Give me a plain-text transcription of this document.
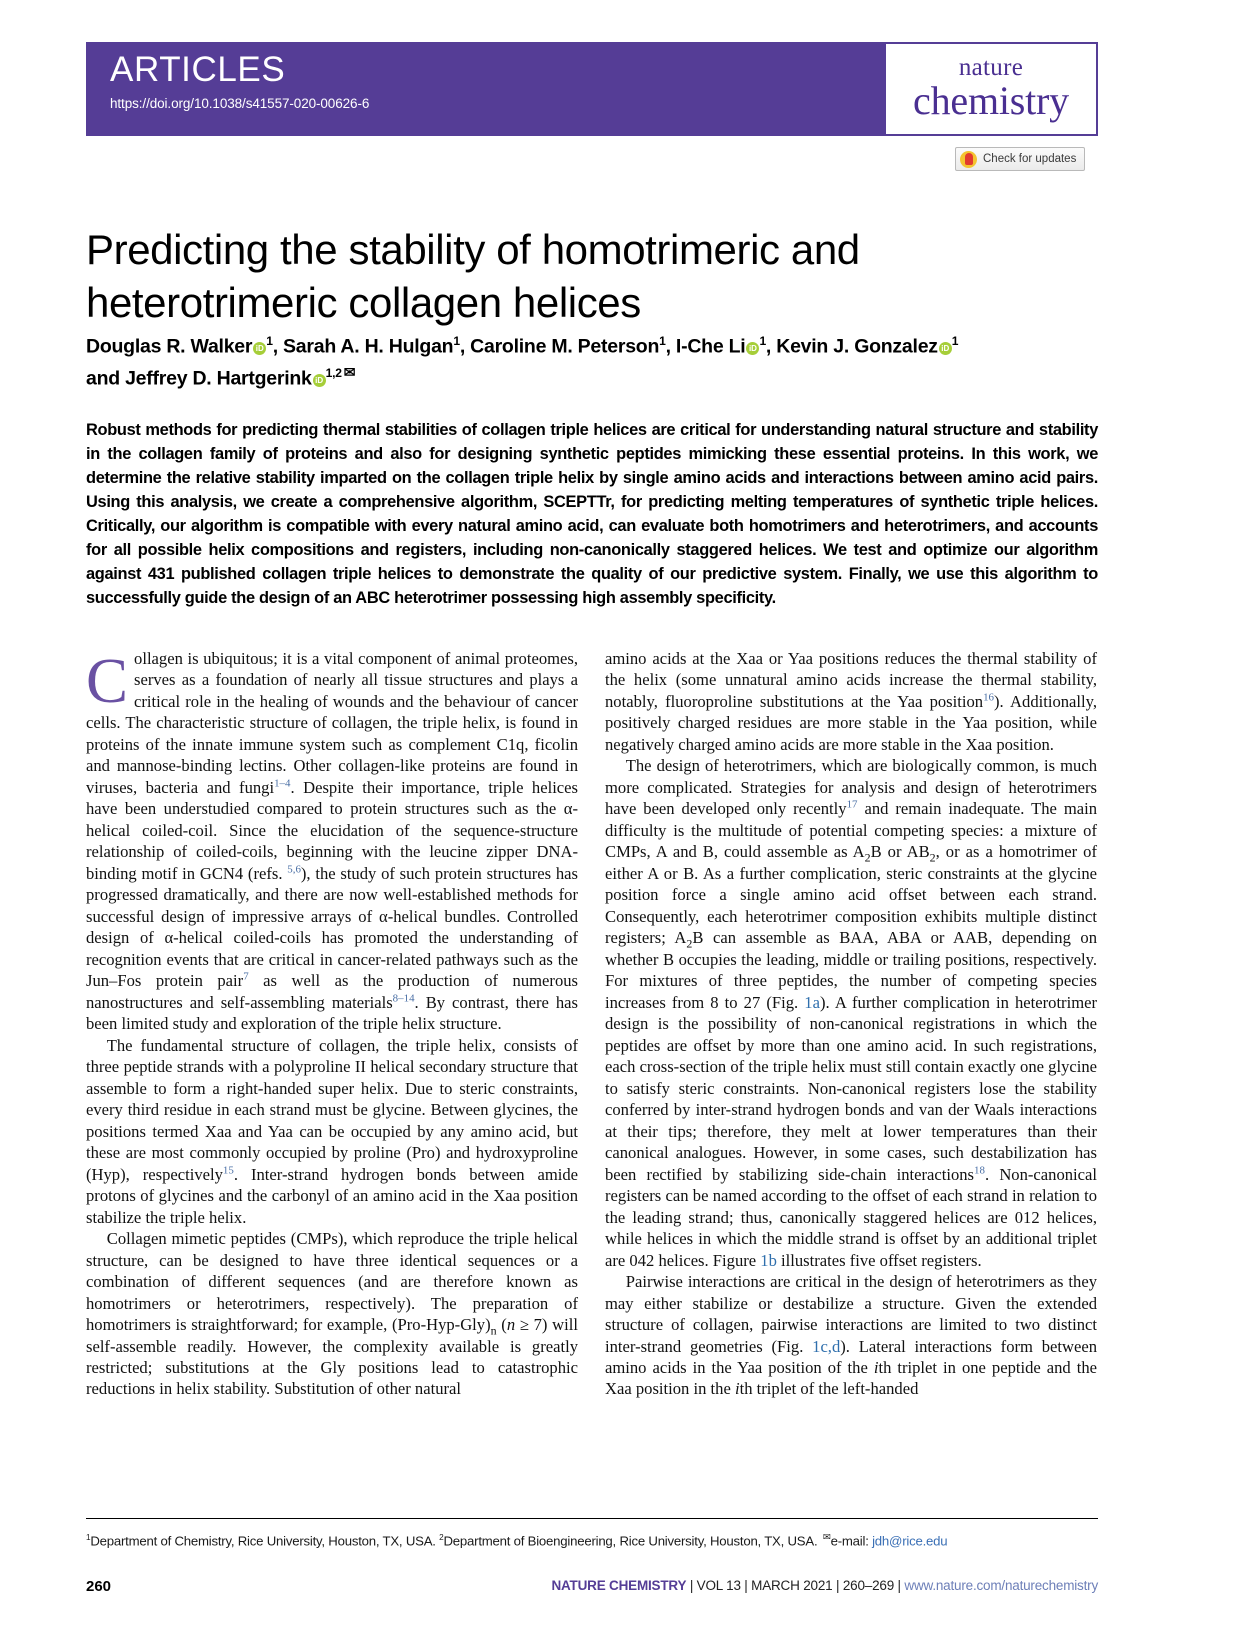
ARTICLES
https://doi.org/10.1038/s41557-020-00626-6
nature
chemistry
Check for updates
Predicting the stability of homotrimeric and heterotrimeric collagen helices
Douglas R. Walker iD $^1$, Sarah A. H. Hulgan$^1$, Caroline M. Peterson$^1$, I-Che Li iD $^1$, Kevin J. Gonzalez iD $^1$
and Jeffrey D. Hartgerink iD $^{1,2}$ ✉
Robust methods for predicting thermal stabilities of collagen triple helices are critical for understanding natural structure and stability in the collagen family of proteins and also for designing synthetic peptides mimicking these essential proteins. In this work, we determine the relative stability imparted on the collagen triple helix by single amino acids and interactions between amino acid pairs. Using this analysis, we create a comprehensive algorithm, SCEPTTr, for predicting melting temperatures of synthetic triple helices. Critically, our algorithm is compatible with every natural amino acid, can evaluate both homotrimers and heterotrimers, and accounts for all possible helix compositions and registers, including non-canonically staggered helices. We test and optimize our algorithm against 431 published collagen triple helices to demonstrate the quality of our predictive system. Finally, we use this algorithm to successfully guide the design of an ABC heterotrimer possessing high assembly specificity.

Collagen is ubiquitous; it is a vital component of animal proteomes, serves as a foundation of nearly all tissue structures and plays a critical role in the healing of wounds and the behaviour of cancer cells. The characteristic structure of collagen, the triple helix, is found in proteins of the innate immune system such as complement C1q, ficolin and mannose-binding lectins. Other collagen-like proteins are found in viruses, bacteria and fungi$^{1-4}$. Despite their importance, triple helices have been understudied compared to protein structures such as the α-helical coiled-coil. Since the elucidation of the sequence-structure relationship of coiled-coils, beginning with the leucine zipper DNA-binding motif in GCN4 (refs. $^{5,6}$), the study of such protein structures has progressed dramatically, and there are now well-established methods for successful design of impressive arrays of α-helical bundles. Controlled design of α-helical coiled-coils has promoted the understanding of recognition events that are critical in cancer-related pathways such as the Jun–Fos protein pair$^7$ as well as the production of numerous nanostructures and self-assembling materials$^{8-14}$. By contrast, there has been limited study and exploration of the triple helix structure.

The fundamental structure of collagen, the triple helix, consists of three peptide strands with a polyproline II helical secondary structure that assemble to form a right-handed super helix. Due to steric constraints, every third residue in each strand must be glycine. Between glycines, the positions termed Xaa and Yaa can be occupied by any amino acid, but these are most commonly occupied by proline (Pro) and hydroxyproline (Hyp), respectively$^{15}$. Inter-strand hydrogen bonds between amide protons of glycines and the carbonyl of an amino acid in the Xaa position stabilize the triple helix.

Collagen mimetic peptides (CMPs), which reproduce the triple helical structure, can be designed to have three identical sequences or a combination of different sequences (and are therefore known as homotrimers or heterotrimers, respectively). The preparation of homotrimers is straightforward; for example, $(Pro-Hyp-Gly)_n$ (n ≥ 7) will self-assemble readily. However, the complexity available is greatly restricted; substitutions at the Gly positions lead to catastrophic reductions in helix stability. Substitution of other natural

amino acids at the Xaa or Yaa positions reduces the thermal stability of the helix (some unnatural amino acids increase the thermal stability, notably, fluoroproline substitutions at the Yaa position$^{16}$). Additionally, positively charged residues are more stable in the Yaa position, while negatively charged amino acids are more stable in the Xaa position.

The design of heterotrimers, which are biologically common, is much more complicated. Strategies for analysis and design of heterotrimers have been developed only recently$^{17}$ and remain inadequate. The main difficulty is the multitude of potential competing species: a mixture of CMPs, A and B, could assemble as $A_2B$ or $AB_2$, or as a homotrimer of either A or B. As a further complication, steric constraints at the glycine position force a single amino acid offset between each strand. Consequently, each heterotrimer composition exhibits multiple distinct registers; $A_2B$ can assemble as BAA, ABA or AAB, depending on whether B occupies the leading, middle or trailing positions, respectively. For mixtures of three peptides, the number of competing species increases from 8 to 27 (Fig. 1a). A further complication in heterotrimer design is the possibility of non-canonical registrations in which the peptides are offset by more than one amino acid. In such registrations, each cross-section of the triple helix must still contain exactly one glycine to satisfy steric constraints. Non-canonical registers lose the stability conferred by inter-strand hydrogen bonds and van der Waals interactions at their tips; therefore, they melt at lower temperatures than their canonical analogues. However, in some cases, such destabilization has been rectified by stabilizing side-chain interactions$^{18}$. Non-canonical registers can be named according to the offset of each strand in relation to the leading strand; thus, canonically staggered helices are 012 helices, while helices in which the middle strand is offset by an additional triplet are 042 helices. Figure 1b illustrates five offset registers.

Pairwise interactions are critical in the design of heterotrimers as they may either stabilize or destabilize a structure. Given the extended structure of collagen, pairwise interactions are limited to two distinct inter-strand geometries (Fig. 1c,d). Lateral interactions form between amino acids in the Yaa position of the ith triplet in one peptide and the Xaa position in the ith triplet of the left-handed

$^1$Department of Chemistry, Rice University, Houston, TX, USA. $^2$Department of Bioengineering, Rice University, Houston, TX, USA. ✉e-mail: jdh@rice.edu
260	NATURE CHEMISTRY | VOL 13 | MARCH 2021 | 260–269 | www.nature.com/naturechemistry
